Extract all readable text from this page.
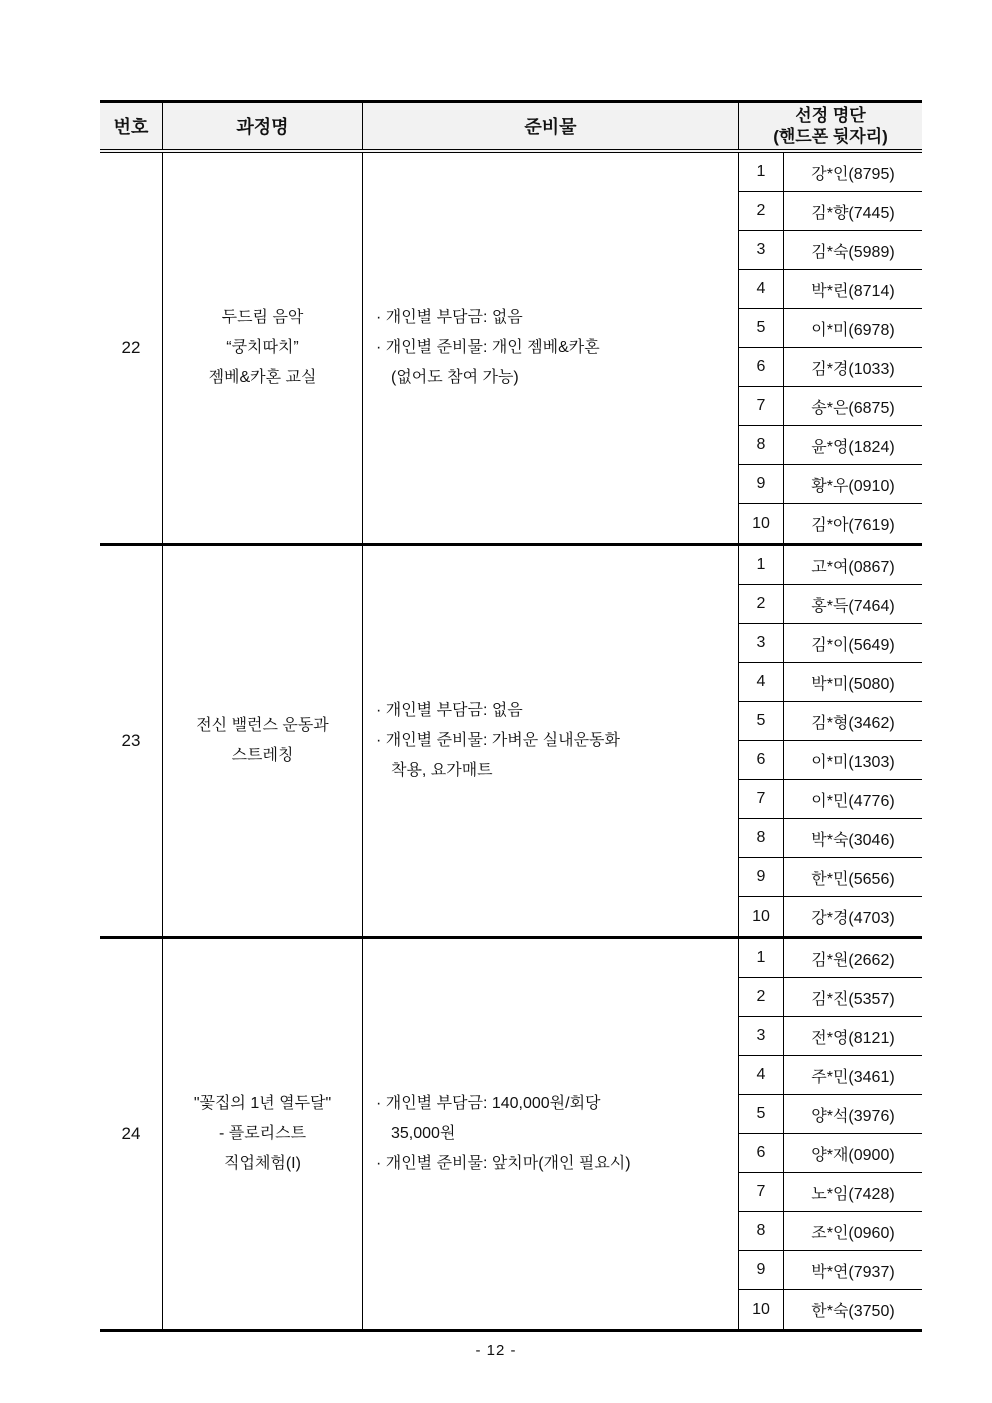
번호	과정명	준비물
선정 명단
(핸드폰 뒷자리)
22
두드림 음악
“쿵치따치”
젬베&카혼 교실
· 개인별 부담금: 없음
· 개인별 준비물: 개인 젬베&카혼
(없어도 참여 가능)
1	강*인(8795)
2	김*향(7445)
3	김*숙(5989)
4	박*린(8714)
5	이*미(6978)
6	김*경(1033)
7	송*은(6875)
8	윤*영(1824)
9	황*우(0910)
10	김*아(7619)
23
전신 밸런스 운동과
스트레칭
· 개인별 부담금: 없음
· 개인별 준비물: 가벼운 실내운동화
착용, 요가매트
1	고*여(0867)
2	홍*득(7464)
3	김*이(5649)
4	박*미(5080)
5	김*형(3462)
6	이*미(1303)
7	이*민(4776)
8	박*숙(3046)
9	한*민(5656)
10	강*경(4703)
24
"꽃집의 1년 열두달"
- 플로리스트
직업체험(I)
· 개인별 부담금: 140,000원/회당
35,000원
· 개인별 준비물: 앞치마(개인 필요시)
1	김*원(2662)
2	김*진(5357)
3	전*영(8121)
4	주*민(3461)
5	양*석(3976)
6	양*재(0900)
7	노*임(7428)
8	조*인(0960)
9	박*연(7937)
10	한*숙(3750)
- 12 -
